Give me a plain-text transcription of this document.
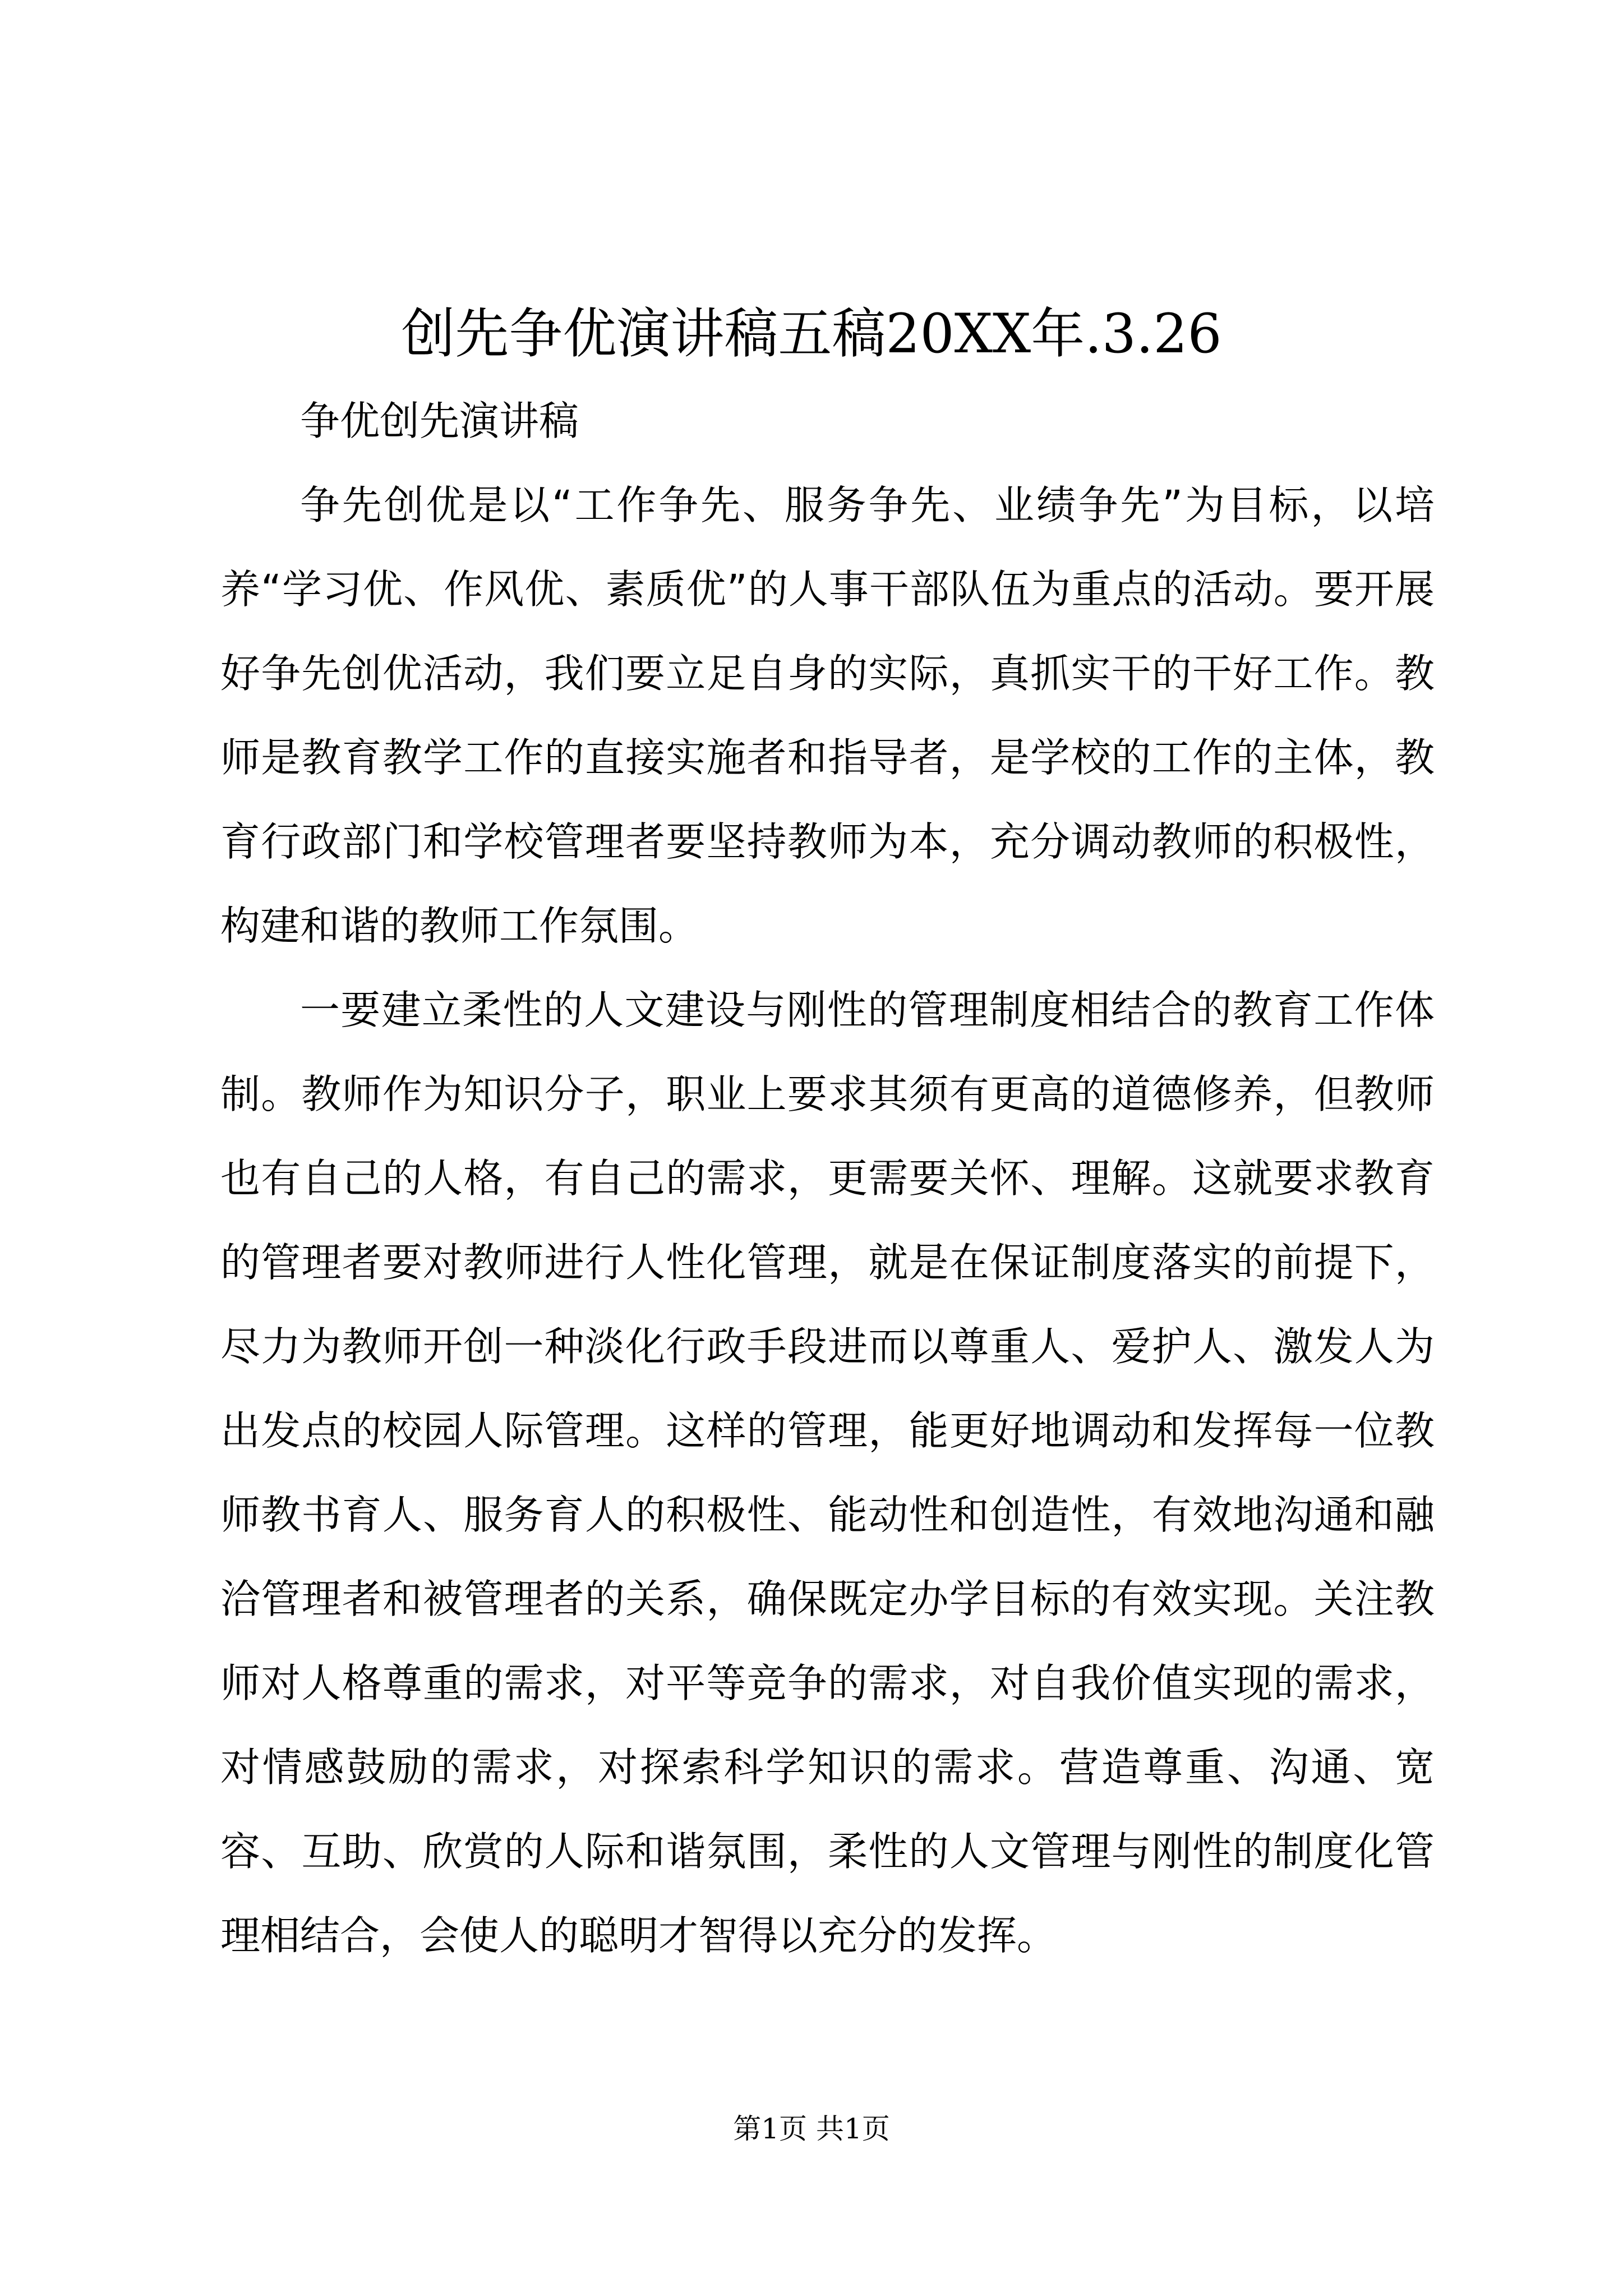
创先争优演讲稿五稿20XX年.3.26

争优创先演讲稿

争先创优是以“工作争先、服务争先、业绩争先”为目标，以培养“学习优、作风优、素质优”的人事干部队伍为重点的活动。要开展好争先创优活动，我们要立足自身的实际，真抓实干的干好工作。教师是教育教学工作的直接实施者和指导者，是学校的工作的主体，教育行政部门和学校管理者要坚持教师为本，充分调动教师的积极性，构建和谐的教师工作氛围。

一要建立柔性的人文建设与刚性的管理制度相结合的教育工作体制。教师作为知识分子，职业上要求其须有更高的道德修养，但教师也有自己的人格，有自己的需求，更需要关怀、理解。这就要求教育的管理者要对教师进行人性化管理，就是在保证制度落实的前提下，尽力为教师开创一种淡化行政手段进而以尊重人、爱护人、激发人为出发点的校园人际管理。这样的管理，能更好地调动和发挥每一位教师教书育人、服务育人的积极性、能动性和创造性，有效地沟通和融洽管理者和被管理者的关系，确保既定办学目标的有效实现。关注教师对人格尊重的需求，对平等竞争的需求，对自我价值实现的需求，对情感鼓励的需求，对探索科学知识的需求。营造尊重、沟通、宽容、互助、欣赏的人际和谐氛围，柔性的人文管理与刚性的制度化管理相结合，会使人的聪明才智得以充分的发挥。

第1页 共1页
